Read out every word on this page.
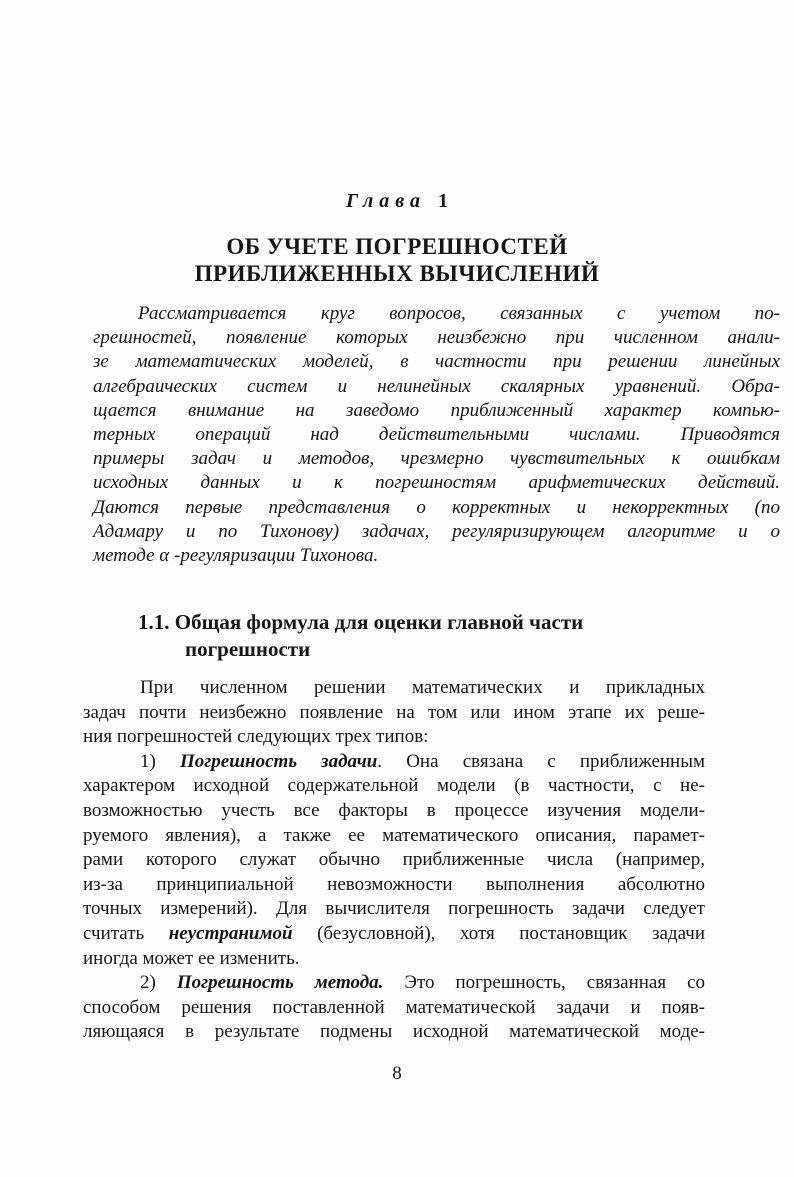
Глава 1
ОБ УЧЕТЕ ПОГРЕШНОСТЕЙ
ПРИБЛИЖЕННЫХ ВЫЧИСЛЕНИЙ
Рассматривается круг вопросов, связанных с учетом по-
грешностей, появление которых неизбежно при численном анали-
зе математических моделей, в частности при решении линейных
алгебраических систем и нелинейных скалярных уравнений. Обра-
щается внимание на заведомо приближенный характер компью-
терных операций над действительными числами. Приводятся
примеры задач и методов, чрезмерно чувствительных к ошибкам
исходных данных и к погрешностям арифметических действий.
Даются первые представления о корректных и некорректных (по
Адамару и по Тихонову) задачах, регуляризирующем алгоритме и о
методе α -регуляризации Тихонова.
1.1. Общая формула для оценки главной части
погрешности
При численном решении математических и прикладных
задач почти неизбежно появление на том или ином этапе их реше-
ния погрешностей следующих трех типов:
1) Погрешность задачи. Она связана с приближенным
характером исходной содержательной модели (в частности, с не-
возможностью учесть все факторы в процессе изучения модели-
руемого явления), а также ее математического описания, парамет-
рами которого служат обычно приближенные числа (например,
из-за принципиальной невозможности выполнения абсолютно
точных измерений). Для вычислителя погрешность задачи следует
считать неустранимой (безусловной), хотя постановщик задачи
иногда может ее изменить.
2) Погрешность метода. Это погрешность, связанная со
способом решения поставленной математической задачи и появ-
ляющаяся в результате подмены исходной математической моде-
8
